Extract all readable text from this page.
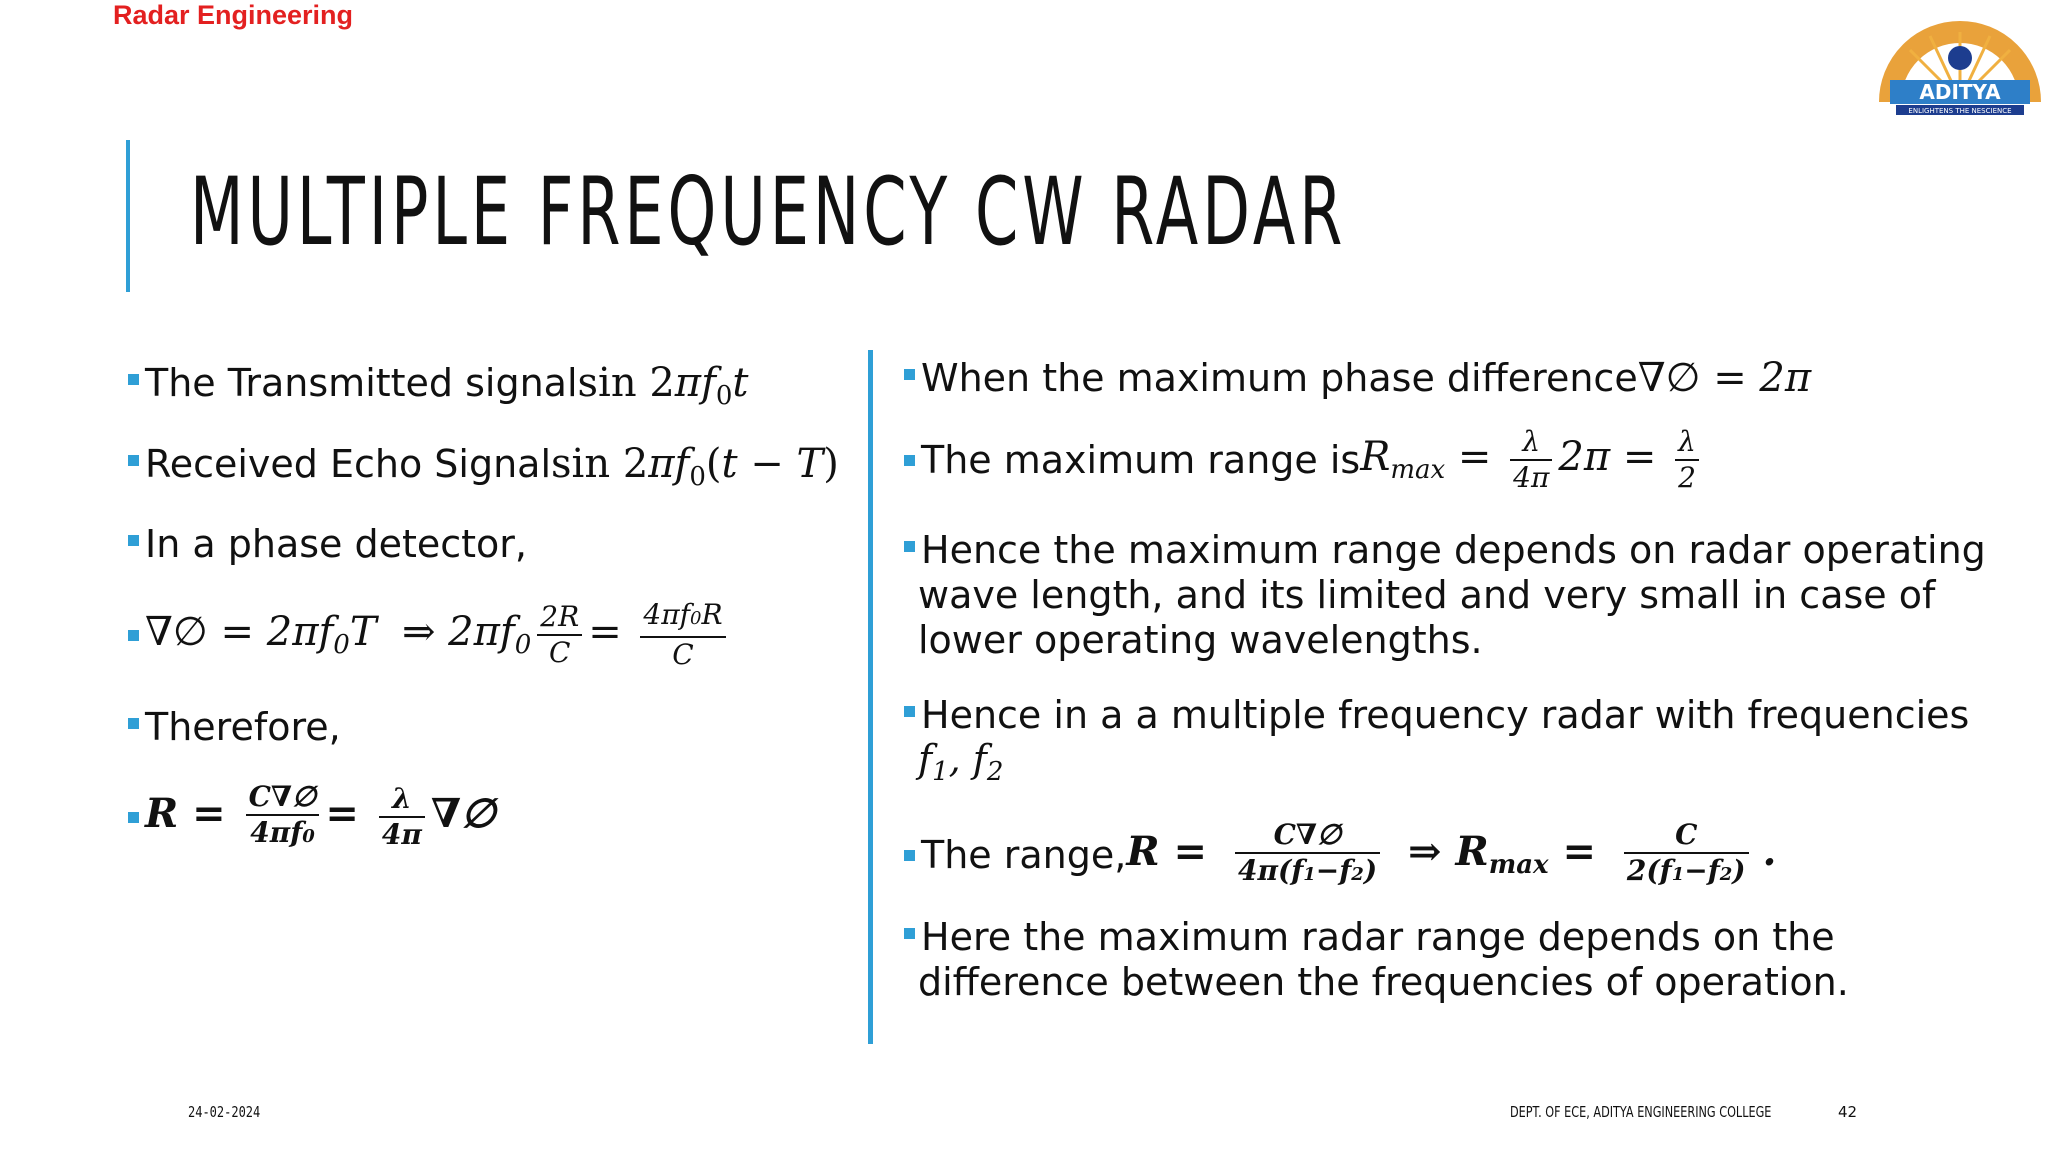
Radar Engineering
ADITYA
ENLIGHTENS THE NESCIENCE
MULTIPLE FREQUENCY CW RADAR
The Transmitted signal $\sin 2\pi f_0t$
Received Echo Signal $\sin 2\pi f_0(t - T)$
In a phase detector,
∇∅ = $2\pi f_0T$  ⇒ $2\pi f_0 \frac{2R}{C} = \frac{4\pi f0R}{C}$
Therefore,
$R = \frac{C\nabla\emptyset}{4\pi f0} = \frac{\lambda}{4\pi}$ ∇∅
When the maximum phase difference ∇∅ = 2π
The maximum range is $R_{max} = \frac{\lambda}{4\pi} 2\pi = \frac{\lambda}{2}$
Hence the maximum range depends on radar operating
wave length, and its limited and very small in case of
lower operating wavelengths.
Hence in a a multiple frequency radar with frequencies
$f_1$, $f_2$
The range, $R = \frac{C\nabla\emptyset}{4\pi(f1-f2)}$ ⇒ $R_{max} = \frac{C}{2(f1-f2)}$ .
Here the maximum radar range depends on the
difference between the frequencies of operation.
24-02-2024	DEPT. OF ECE, ADITYA ENGINEERING COLLEGE	42
